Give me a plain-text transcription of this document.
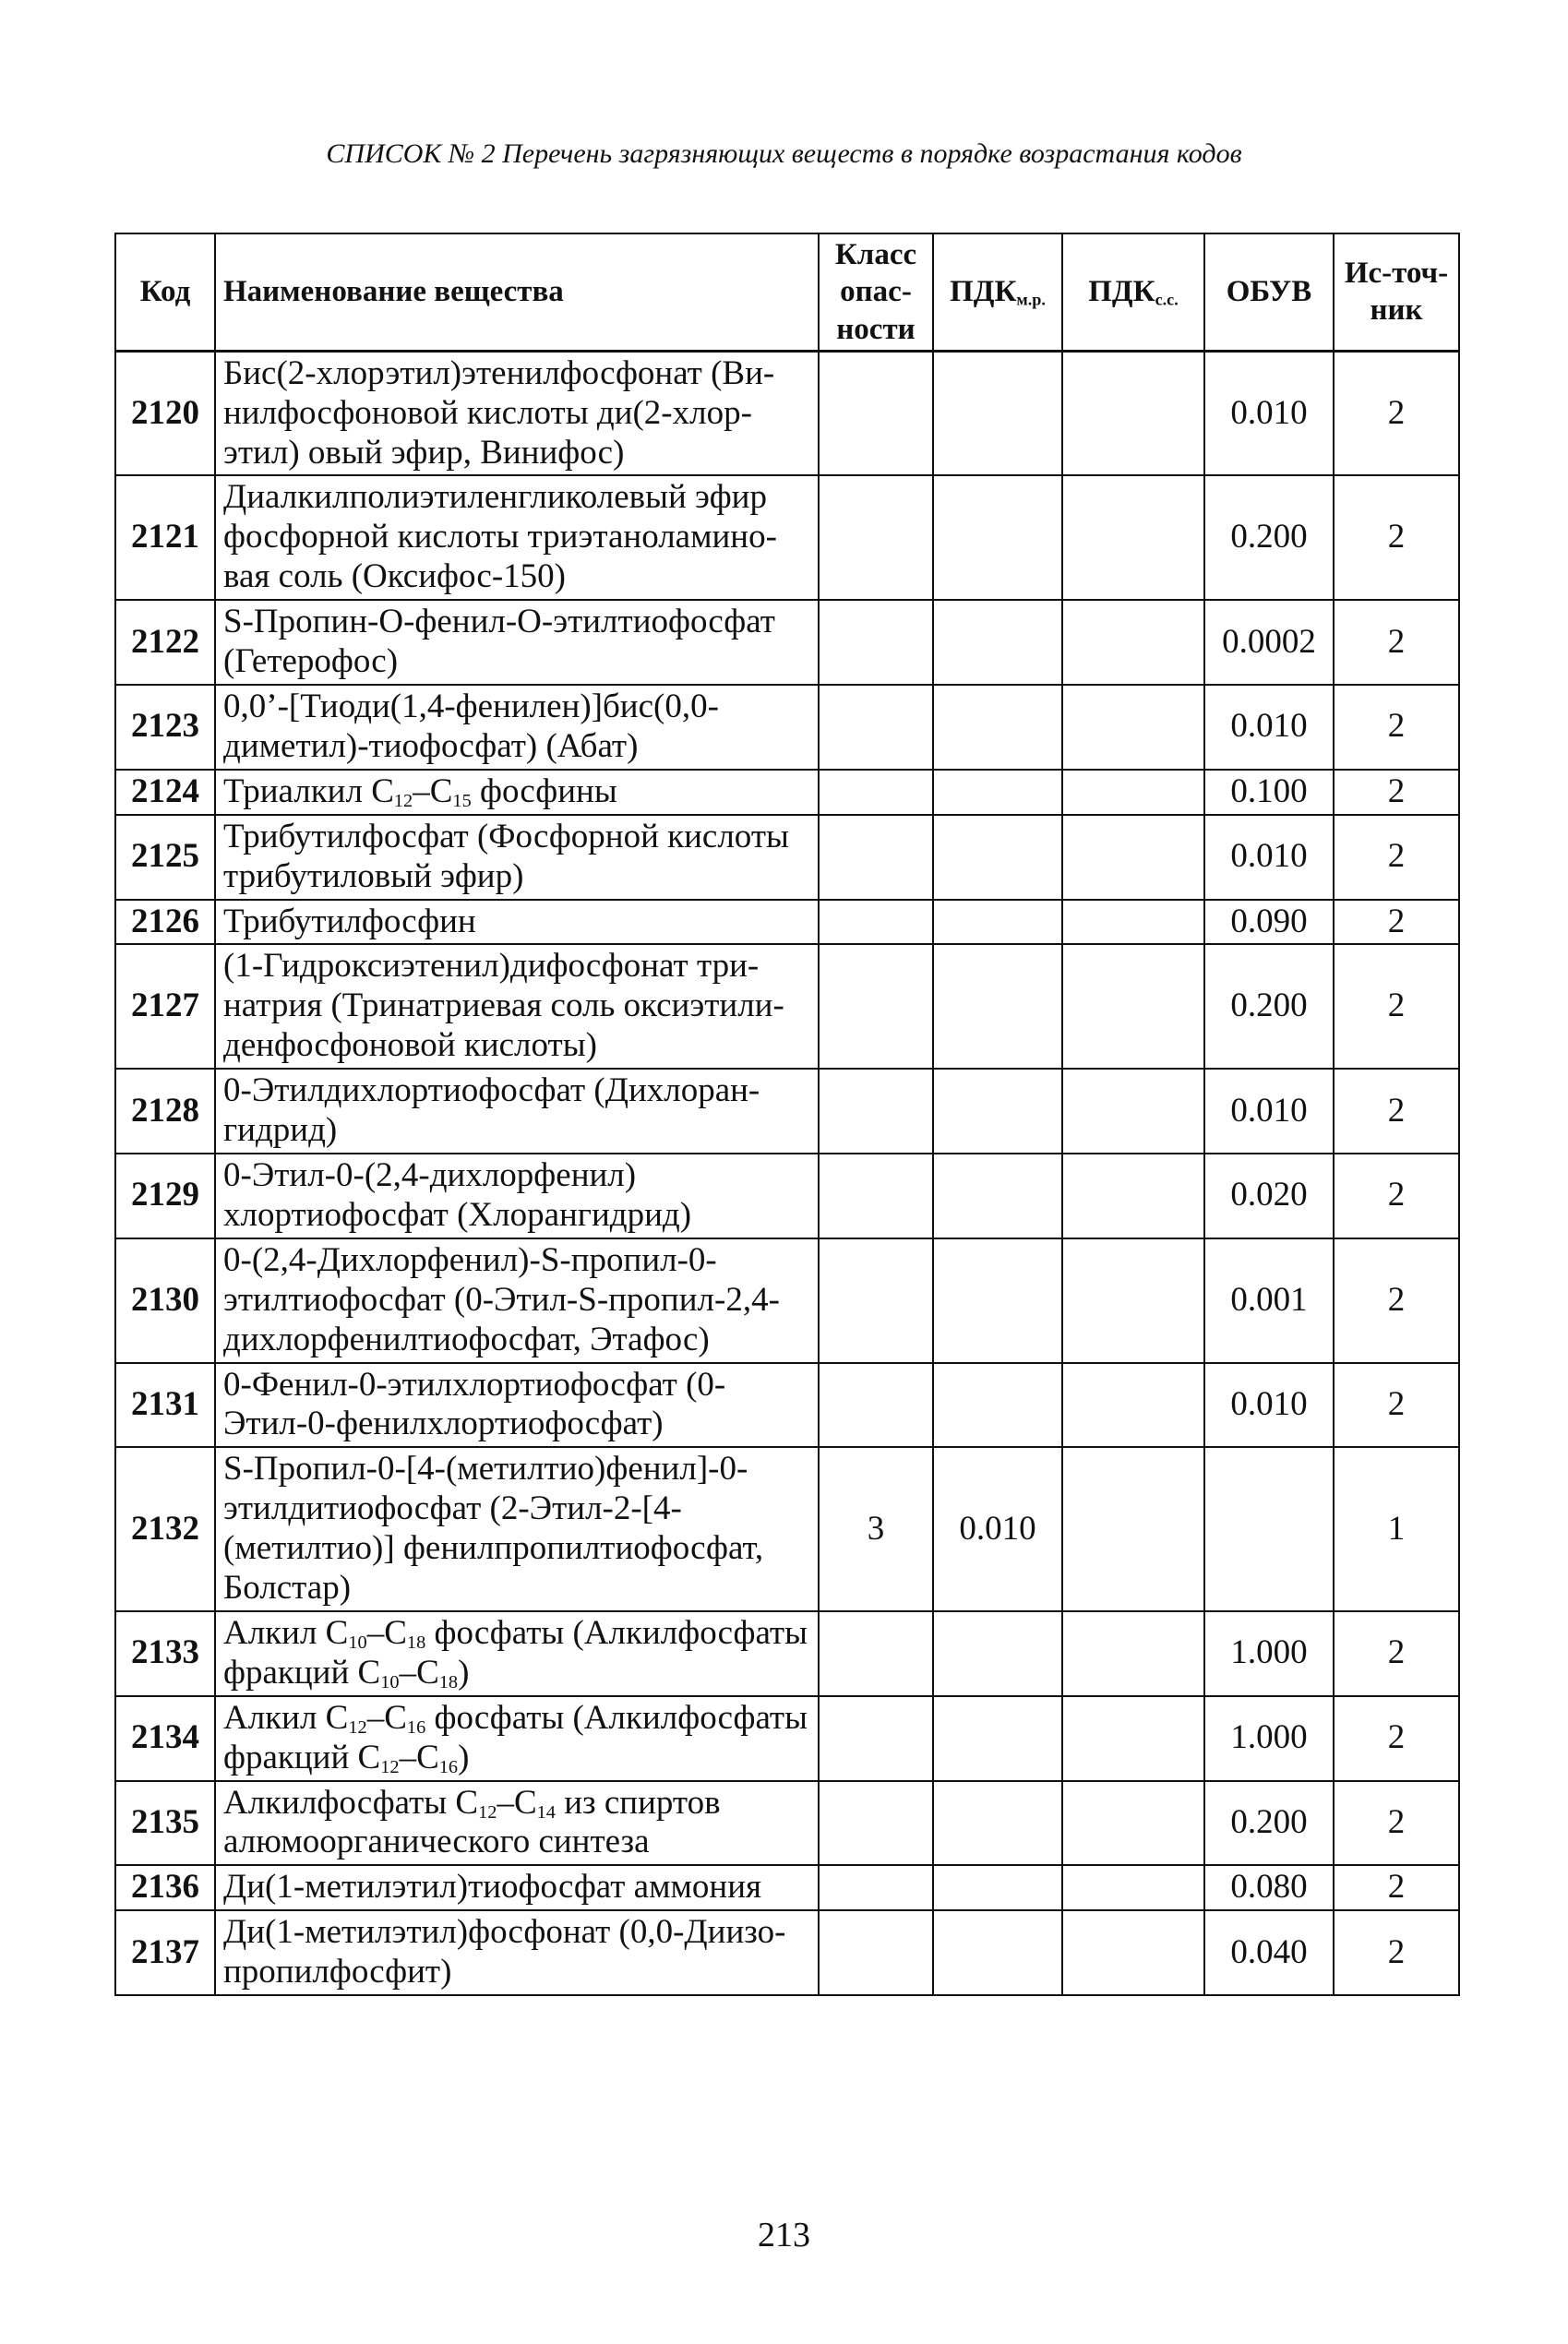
СПИСОК № 2 Перечень загрязняющих веществ в порядке возрастания кодов
Код	Наименование вещества	Класс опас-ности	$ПДК_{м.р.}$	$ПДК_{с.с.}$	ОБУВ	Ис-точ-ник
2120	Бис(2-хлорэтил)этенилфосфонат (Ви-нилфосфоновой кислоты ди(2-хлор-этил) овый эфир, Винифос)				0.010	2
2121	Диалкилполиэтиленгликолевый эфир фосфорной кислоты триэтаноламино-вая соль (Оксифос-150)				0.200	2
2122	S-Пропин-О-фенил-О-этилтиофосфат (Гетерофос)				0.0002	2
2123	0,0’-[Тиоди(1,4-фенилен)]бис(0,0-диметил)-тиофосфат) (Абат)				0.010	2
2124	Триалкил $C_{12}-C_{15}$ фосфины				0.100	2
2125	Трибутилфосфат (Фосфорной кислоты трибутиловый эфир)				0.010	2
2126	Трибутилфосфин				0.090	2
2127	(1-Гидроксиэтенил)дифосфонат три-натрия (Тринатриевая соль оксиэтили-денфосфоновой кислоты)				0.200	2
2128	0-Этилдихлортиофосфат (Дихлоран-гидрид)				0.010	2
2129	0-Этил-0-(2,4-дихлорфенил) хлортиофосфат (Хлорангидрид)				0.020	2
2130	0-(2,4-Дихлорфенил)-S-пропил-0-этилтиофосфат (0-Этил-S-пропил-2,4-дихлорфенилтиофосфат, Этафос)				0.001	2
2131	0-Фенил-0-этилхлортиофосфат (0-Этил-0-фенилхлортиофосфат)				0.010	2
2132	S-Пропил-0-[4-(метилтио)фенил]-0-этилдитиофосфат (2-Этил-2-[4-(метилтио)] фенилпропилтиофосфат, Болстар)	3	0.010			1
2133	Алкил $C_{10}-C_{18}$ фосфаты (Алкилфосфаты фракций $C_{10}-C_{18}$)				1.000	2
2134	Алкил $C_{12}-C_{16}$ фосфаты (Алкилфосфаты фракций $C_{12}-C_{16}$)				1.000	2
2135	Алкилфосфаты $C_{12}-C_{14}$ из спиртов алюмоорганического синтеза				0.200	2
2136	Ди(1-метилэтил)тиофосфат аммония				0.080	2
2137	Ди(1-метилэтил)фосфонат (0,0-Диизо-пропилфосфит)				0.040	2
213
